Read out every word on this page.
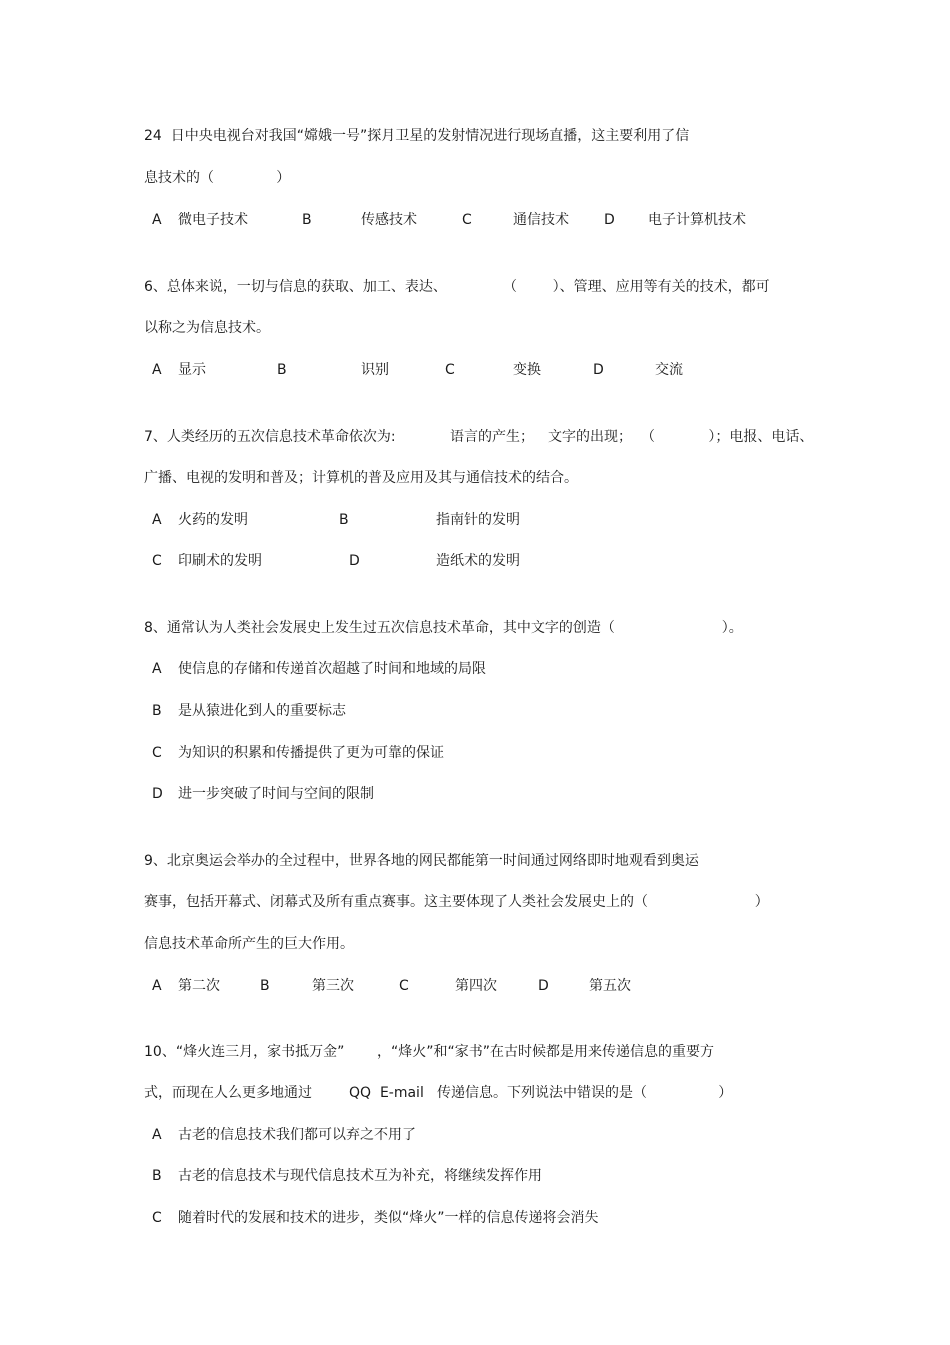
24  日中央电视台对我国“嫦娥一号”探月卫星的发射情况进行现场直播，这主要利用了信
息技术的（              ）
A 微电子技术	B	传感技术	C	通信技术	D 电子计算机技术
6、总体来说，一切与信息的获取、加工、表达、	（        ）、管理、应用等有关的技术，都可
以称之为信息技术。
A 显示	B	识别	C	变换	D	交流
7、人类经历的五次信息技术革命依次为:	语言的产生； 文字的出现； （            ）；电报、电话、
广播、电视的发明和普及；计算机的普及应用及其与通信技术的结合。
A 火药的发明	B	指南针的发明
C 印刷术的发明	D	造纸术的发明
8、通常认为人类社会发展史上发生过五次信息技术革命，其中文字的创造（                        ）。
A 使信息的存储和传递首次超越了时间和地域的局限
B 是从猿进化到人的重要标志
C 为知识的积累和传播提供了更为可靠的保证
D 进一步突破了时间与空间的限制
9、北京奥运会举办的全过程中，世界各地的网民都能第一时间通过网络即时地观看到奥运
赛事，包括开幕式、闭幕式及所有重点赛事。这主要体现了人类社会发展史上的（                        ）
信息技术革命所产生的巨大作用。
A 第二次	B	第三次	C	第四次	D	第五次
10、“烽火连三月，家书抵万金” ，“烽火”和“家书”在古时候都是用来传递信息的重要方
式，而现在人么更多地通过	QQ  E-mail 传递信息。下列说法中错误的是（                ）
A 古老的信息技术我们都可以弃之不用了
B 古老的信息技术与现代信息技术互为补充，将继续发挥作用
C 随着时代的发展和技术的进步，类似“烽火”一样的信息传递将会消失
